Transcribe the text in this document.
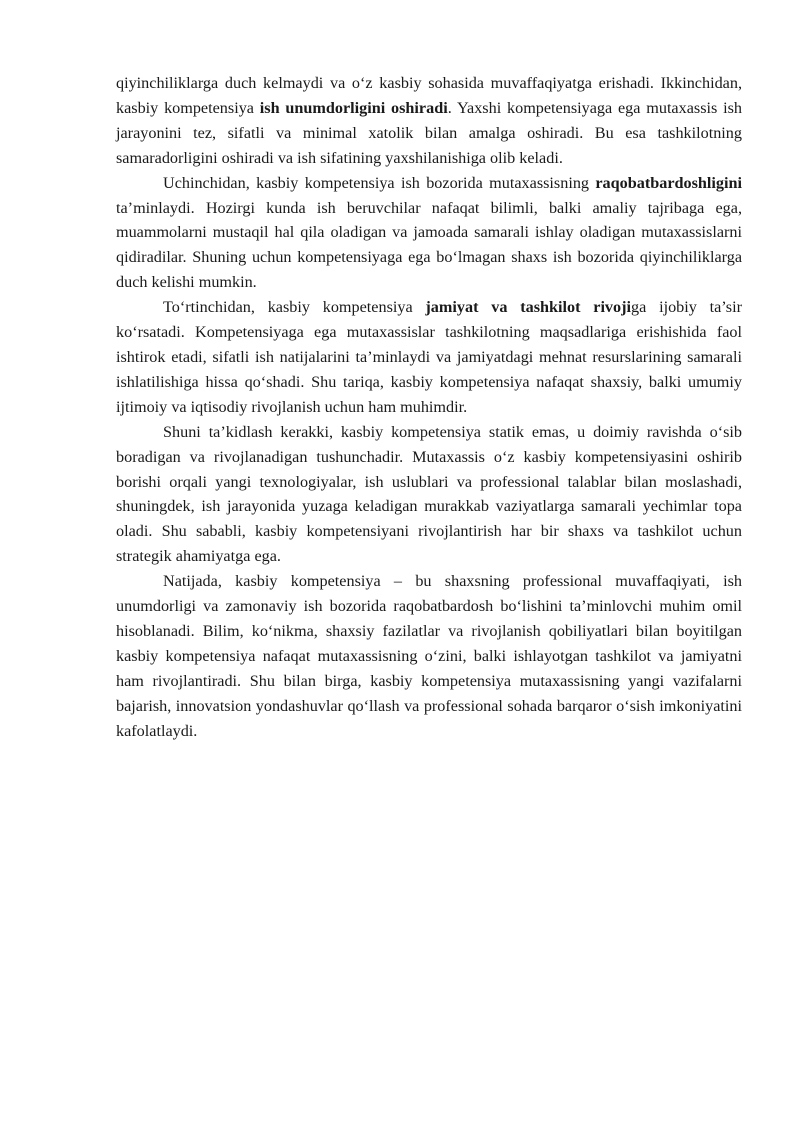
qiyinchiliklarga duch kelmaydi va o‘z kasbiy sohasida muvaffaqiyatga erishadi. Ikkinchidan, kasbiy kompetensiya ish unumdorligini oshiradi. Yaxshi kompetensiyaga ega mutaxassis ish jarayonini tez, sifatli va minimal xatolik bilan amalga oshiradi. Bu esa tashkilotning samaradorligini oshiradi va ish sifatining yaxshilanishiga olib keladi.

Uchinchidan, kasbiy kompetensiya ish bozorida mutaxassisning raqobatbardoshligini ta’minlaydi. Hozirgi kunda ish beruvchilar nafaqat bilimli, balki amaliy tajribaga ega, muammolarni mustaqil hal qila oladigan va jamoada samarali ishlay oladigan mutaxassislarni qidiradilar. Shuning uchun kompetensiyaga ega bo‘lmagan shaxs ish bozorida qiyinchiliklarga duch kelishi mumkin.

To‘rtinchidan, kasbiy kompetensiya jamiyat va tashkilot rivojiga ijobiy ta’sir ko‘rsatadi. Kompetensiyaga ega mutaxassislar tashkilotning maqsadlariga erishishida faol ishtirok etadi, sifatli ish natijalarini ta’minlaydi va jamiyatdagi mehnat resurslarining samarali ishlatilishiga hissa qo‘shadi. Shu tariqa, kasbiy kompetensiya nafaqat shaxsiy, balki umumiy ijtimoiy va iqtisodiy rivojlanish uchun ham muhimdir.

Shuni ta’kidlash kerakki, kasbiy kompetensiya statik emas, u doimiy ravishda o‘sib boradigan va rivojlanadigan tushunchadir. Mutaxassis o‘z kasbiy kompetensiyasini oshirib borishi orqali yangi texnologiyalar, ish uslublari va professional talablar bilan moslashadi, shuningdek, ish jarayonida yuzaga keladigan murakkab vaziyatlarga samarali yechimlar topa oladi. Shu sababli, kasbiy kompetensiyani rivojlantirish har bir shaxs va tashkilot uchun strategik ahamiyatga ega.

Natijada, kasbiy kompetensiya – bu shaxsning professional muvaffaqiyati, ish unumdorligi va zamonaviy ish bozorida raqobatbardosh bo‘lishini ta’minlovchi muhim omil hisoblanadi. Bilim, ko‘nikma, shaxsiy fazilatlar va rivojlanish qobiliyatlari bilan boyitilgan kasbiy kompetensiya nafaqat mutaxassisning o‘zini, balki ishlayotgan tashkilot va jamiyatni ham rivojlantiradi. Shu bilan birga, kasbiy kompetensiya mutaxassisning yangi vazifalarni bajarish, innovatsion yondashuvlar qo‘llash va professional sohada barqaror o‘sish imkoniyatini kafolatlaydi.
